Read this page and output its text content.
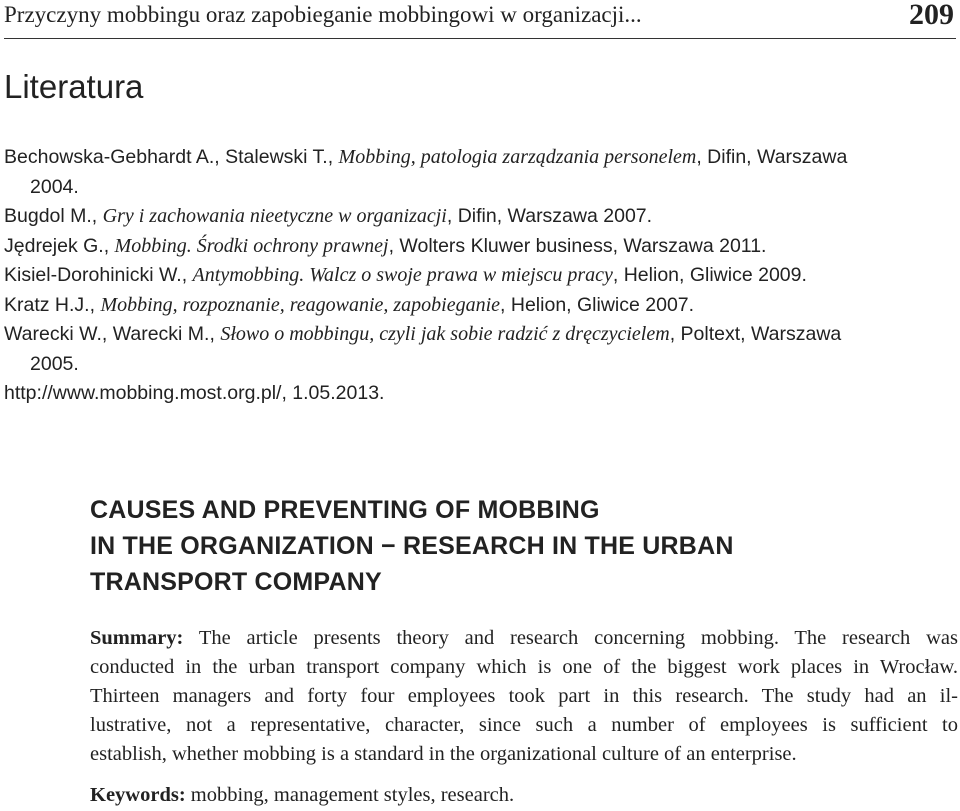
Przyczyny mobbingu oraz zapobieganie mobbingowi w organizacji...	209
Literatura
Bechowska-Gebhardt A., Stalewski T., Mobbing, patologia zarządzania personelem, Difin, Warszawa
2004.
Bugdol M., Gry i zachowania nieetyczne w organizacji, Difin, Warszawa 2007.
Jędrejek G., Mobbing. Środki ochrony prawnej, Wolters Kluwer business, Warszawa 2011.
Kisiel-Dorohinicki W., Antymobbing. Walcz o swoje prawa w miejscu pracy, Helion, Gliwice 2009.
Kratz H.J., Mobbing, rozpoznanie, reagowanie, zapobieganie, Helion, Gliwice 2007.
Warecki W., Warecki M., Słowo o mobbingu, czyli jak sobie radzić z dręczycielem, Poltext, Warszawa
2005.
http://www.mobbing.most.org.pl/, 1.05.2013.
CAUSES AND PREVENTING OF MOBBING
IN THE ORGANIZATION − RESEARCH IN THE URBAN
TRANSPORT COMPANY
Summary: The article presents theory and research concerning mobbing. The research was
conducted in the urban transport company which is one of the biggest work places in Wrocław.
Thirteen managers and forty four employees took part in this research. The study had an il-
lustrative, not a representative, character, since such a number of employees is sufficient to
establish, whether mobbing is a standard in the organizational culture of an enterprise.
Keywords: mobbing, management styles, research.
